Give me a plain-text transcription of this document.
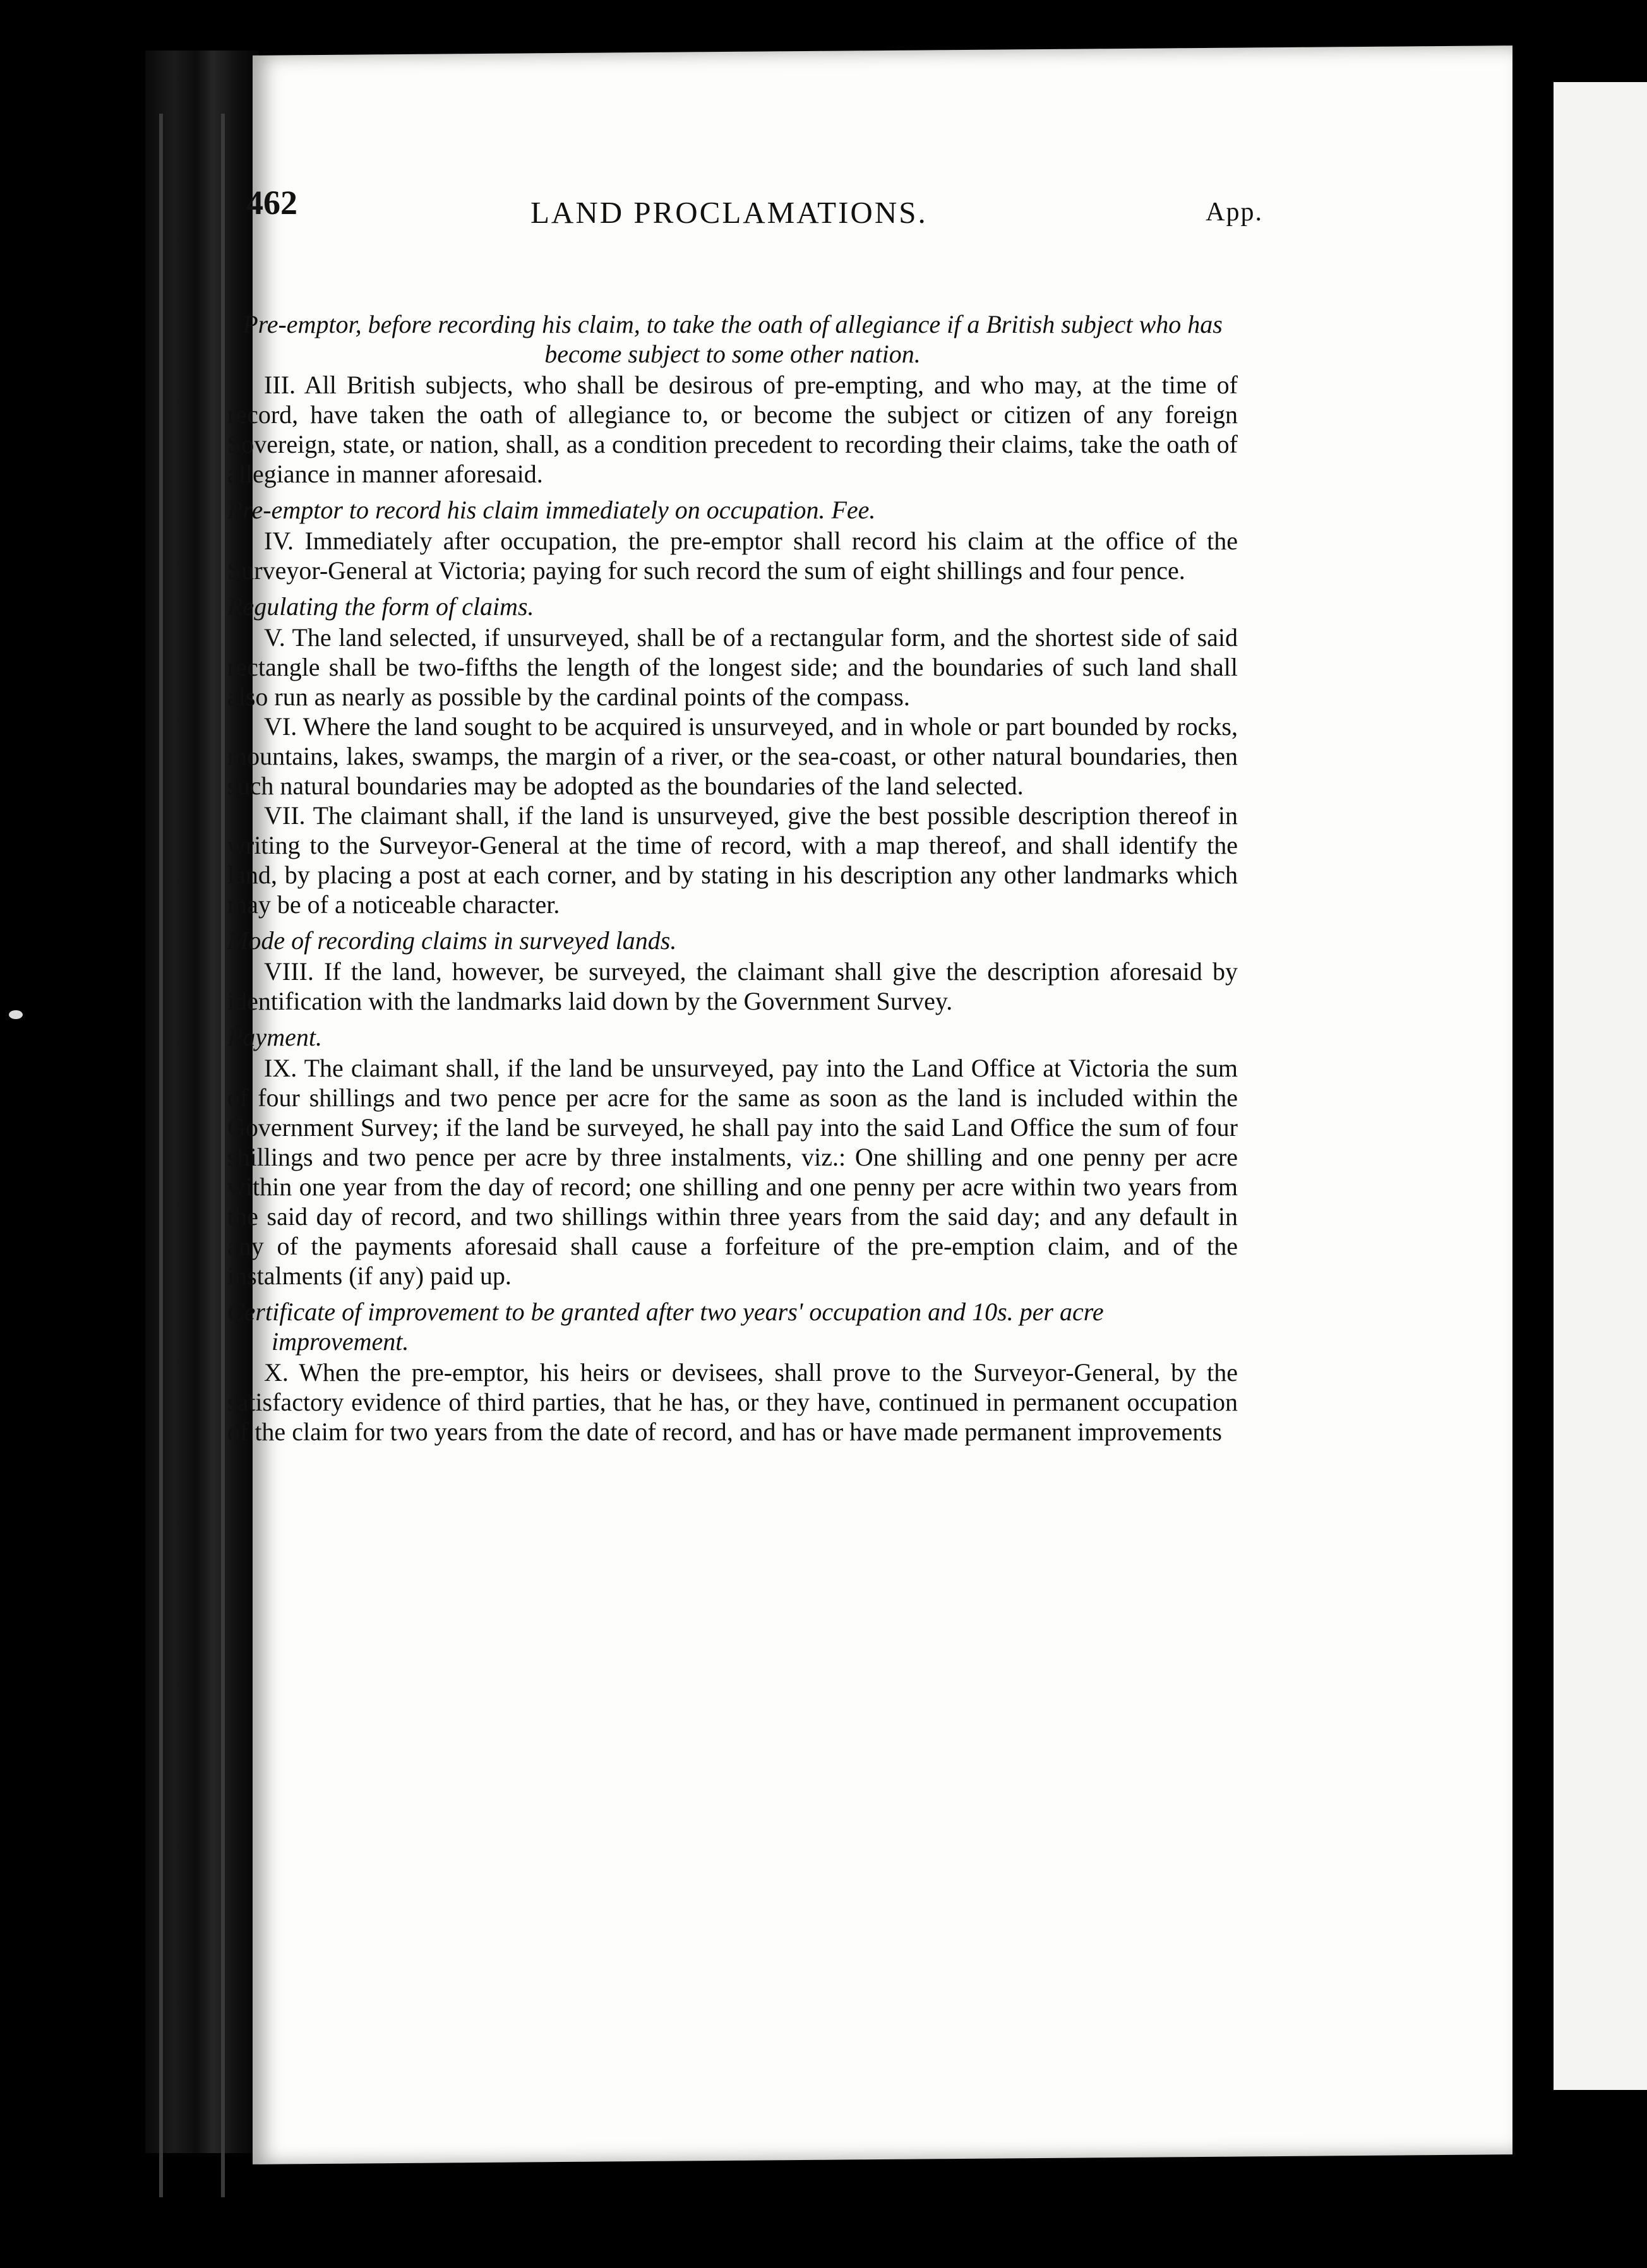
462	LAND PROCLAMATIONS.	App.
Pre-emptor, before recording his claim, to take the oath of allegiance if a British subject who has become subject to some other nation.

III. All British subjects, who shall be desirous of pre-empting, and who may, at the time of record, have taken the oath of allegiance to, or become the subject or citizen of any foreign Sovereign, state, or nation, shall, as a condition precedent to recording their claims, take the oath of allegiance in manner aforesaid.

Pre-emptor to record his claim immediately on occupation. Fee.

IV. Immediately after occupation, the pre-emptor shall record his claim at the office of the Surveyor-General at Victoria; paying for such record the sum of eight shillings and four pence.

Regulating the form of claims.

V. The land selected, if unsurveyed, shall be of a rectangular form, and the shortest side of said rectangle shall be two-fifths the length of the longest side; and the boundaries of such land shall also run as nearly as possible by the cardinal points of the compass.

VI. Where the land sought to be acquired is unsurveyed, and in whole or part bounded by rocks, mountains, lakes, swamps, the margin of a river, or the sea-coast, or other natural boundaries, then such natural boundaries may be adopted as the boundaries of the land selected.

VII. The claimant shall, if the land is unsurveyed, give the best possible description thereof in writing to the Surveyor-General at the time of record, with a map thereof, and shall identify the land, by placing a post at each corner, and by stating in his description any other landmarks which may be of a noticeable character.

Mode of recording claims in surveyed lands.

VIII. If the land, however, be surveyed, the claimant shall give the description aforesaid by identification with the landmarks laid down by the Government Survey.

Payment.

IX. The claimant shall, if the land be unsurveyed, pay into the Land Office at Victoria the sum of four shillings and two pence per acre for the same as soon as the land is included within the Government Survey; if the land be surveyed, he shall pay into the said Land Office the sum of four shillings and two pence per acre by three instalments, viz.: One shilling and one penny per acre within one year from the day of record; one shilling and one penny per acre within two years from the said day of record, and two shillings within three years from the said day; and any default in any of the payments aforesaid shall cause a forfeiture of the pre-emption claim, and of the instalments (if any) paid up.

Certificate of improvement to be granted after two years' occupation and 10s. per acre improvement.

X. When the pre-emptor, his heirs or devisees, shall prove to the Surveyor-General, by the satisfactory evidence of third parties, that he has, or they have, continued in permanent occupation of the claim for two years from the date of record, and has or have made permanent improvements
